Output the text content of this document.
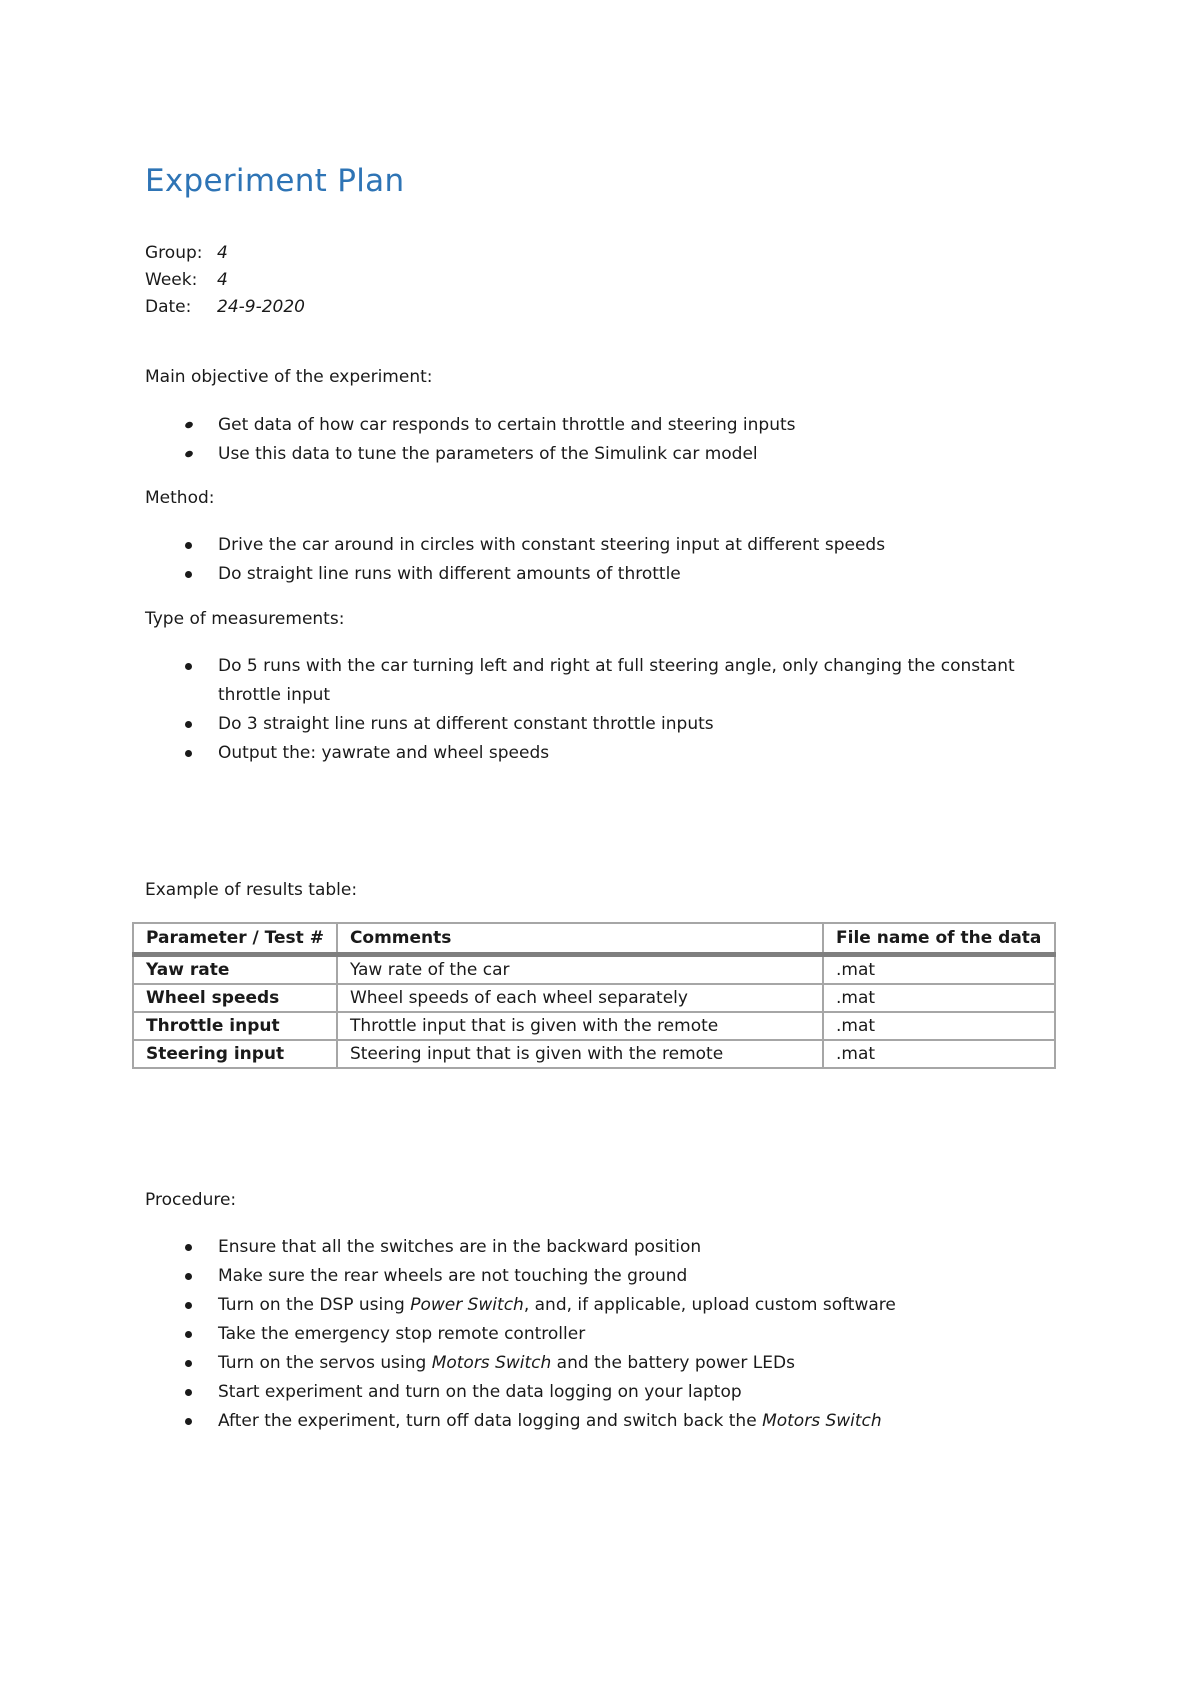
Experiment Plan
Group: 4
Week:	4
Date:	24-9-2020
Main objective of the experiment:
Get data of how car responds to certain throttle and steering inputs
Use this data to tune the parameters of the Simulink car model
Method:
Drive the car around in circles with constant steering input at different speeds
Do straight line runs with different amounts of throttle
Type of measurements:
Do 5 runs with the car turning left and right at full steering angle, only changing the constant throttle input
Do 3 straight line runs at different constant throttle inputs
Output the: yawrate and wheel speeds
Example of results table:
Parameter / Test #	Comments	File name of the data
Yaw rate	Yaw rate of the car	.mat
Wheel speeds	Wheel speeds of each wheel separately	.mat
Throttle input	Throttle input that is given with the remote	.mat
Steering input	Steering input that is given with the remote	.mat
Procedure:
Ensure that all the switches are in the backward position
Make sure the rear wheels are not touching the ground
Turn on the DSP using Power Switch, and, if applicable, upload custom software
Take the emergency stop remote controller
Turn on the servos using Motors Switch and the battery power LEDs
Start experiment and turn on the data logging on your laptop
After the experiment, turn off data logging and switch back the Motors Switch
